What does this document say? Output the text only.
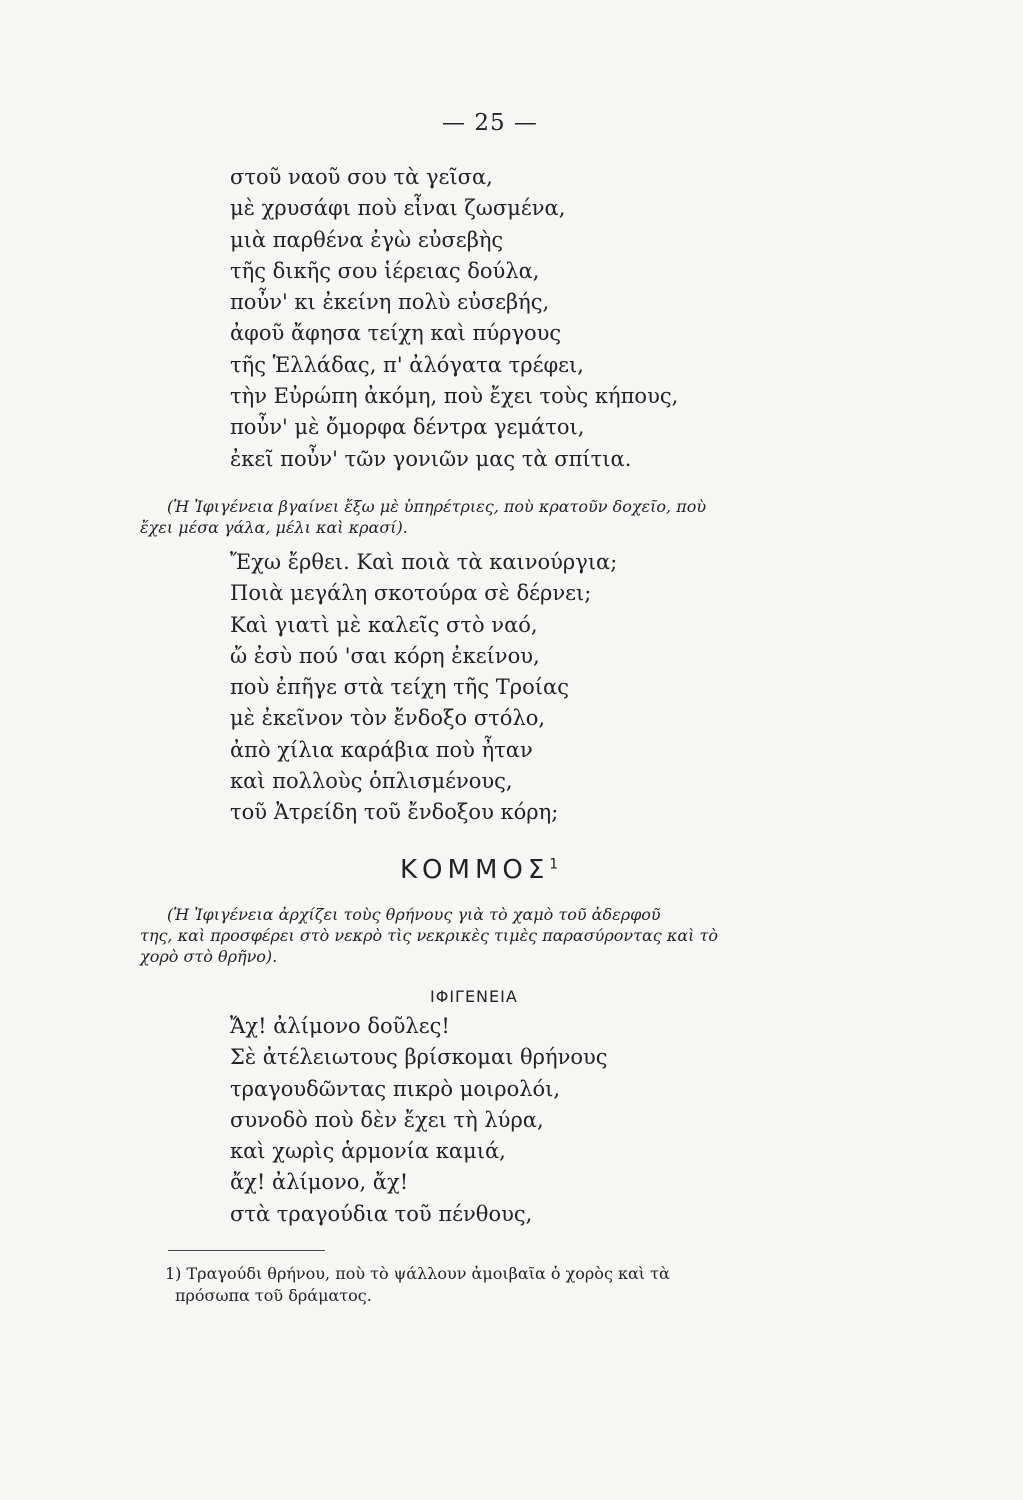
— 25 —
στοῦ ναοῦ σου τὰ γεῖσα,
μὲ χρυσάφι ποὺ εἶναι ζωσμένα,
μιὰ παρθένα ἐγὼ εὐσεβὴς
τῆς δικῆς σου ἱέρειας δούλα,
ποὖν' κι ἐκείνη πολὺ εὐσεβής,
ἀφοῦ ἄφησα τείχη καὶ πύργους
τῆς Ἑλλάδας, π' ἀλόγατα τρέφει,
τὴν Εὐρώπη ἀκόμη, ποὺ ἔχει τοὺς κήπους,
ποὖν' μὲ ὄμορφα δέντρα γεμάτοι,
ἐκεῖ ποὖν' τῶν γονιῶν μας τὰ σπίτια.
(Ἡ Ἰφιγένεια βγαίνει ἔξω μὲ ὑπηρέτριες, ποὺ κρατοῦν δοχεῖο, ποὺ
ἔχει μέσα γάλα, μέλι καὶ κρασί).
Ἔχω ἔρθει. Καὶ ποιὰ τὰ καινούργια;
Ποιὰ μεγάλη σκοτούρα σὲ δέρνει;
Καὶ γιατὶ μὲ καλεῖς στὸ ναό,
ὤ ἐσὺ πού 'σαι κόρη ἐκείνου,
ποὺ ἐπῆγε στὰ τείχη τῆς Τροίας
μὲ ἐκεῖνον τὸν ἔνδοξο στόλο,
ἀπὸ χίλια καράβια ποὺ ἦταν
καὶ πολλοὺς ὁπλισμένους,
τοῦ Ἀτρείδη τοῦ ἔνδοξου κόρη;
ΚΟΜΜΟΣ$^1$
(Ἡ Ἰφιγένεια ἀρχίζει τοὺς θρήνους γιὰ τὸ χαμὸ τοῦ ἀδερφοῦ
της, καὶ προσφέρει στὸ νεκρὸ τὶς νεκρικὲς τιμὲς παρασύροντας καὶ τὸ
χορὸ στὸ θρῆνο).
ΙΦΙΓΕΝΕΙΑ
Ἄχ! ἀλίμονο δοῦλες!
Σὲ ἀτέλειωτους βρίσκομαι θρήνους
τραγουδῶντας πικρὸ μοιρολόι,
συνοδὸ ποὺ δὲν ἔχει τὴ λύρα,
καὶ χωρὶς ἁρμονία καμιά,
ἄχ! ἀλίμονο, ἄχ!
στὰ τραγούδια τοῦ πένθους,
1) Τραγούδι θρήνου, ποὺ τὸ ψάλλουν ἀμοιβαῖα ὁ χορὸς καὶ τὰ
πρόσωπα τοῦ δράματος.
